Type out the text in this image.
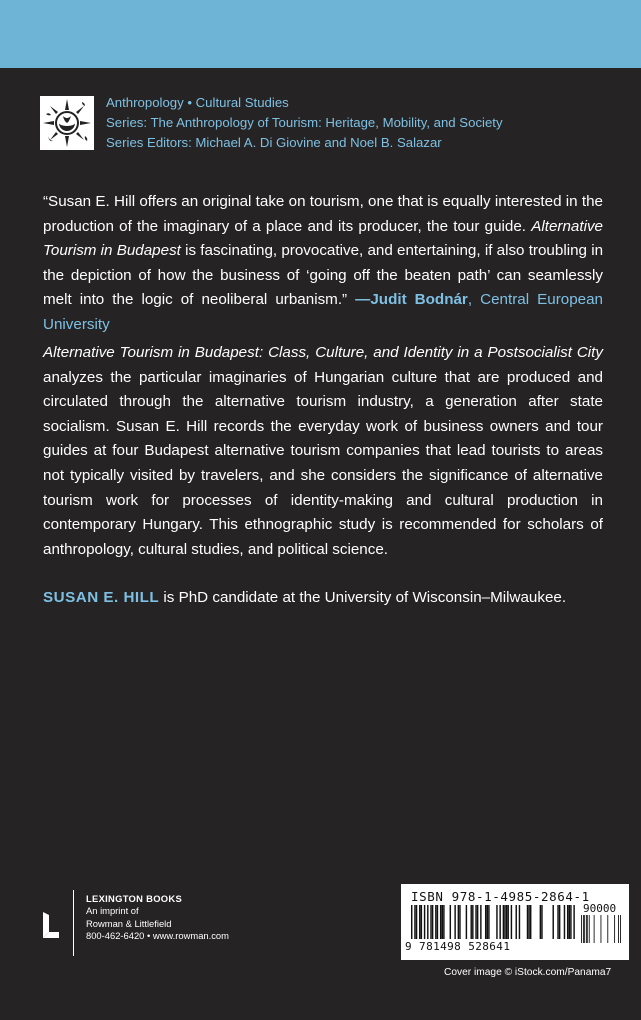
Anthropology • Cultural Studies
Series: The Anthropology of Tourism: Heritage, Mobility, and Society
Series Editors: Michael A. Di Giovine and Noel B. Salazar
“Susan E. Hill offers an original take on tourism, one that is equally interested in the production of the imaginary of a place and its producer, the tour guide. Alternative Tourism in Budapest is fascinating, provocative, and entertaining, if also troubling in the depiction of how the business of ‘going off the beaten path’ can seamlessly melt into the logic of neoliberal urbanism.” —Judit Bodnár, Central European University
Alternative Tourism in Budapest: Class, Culture, and Identity in a Postsocialist City analyzes the particular imaginaries of Hungarian culture that are produced and circulated through the alternative tourism industry, a generation after state socialism. Susan E. Hill records the everyday work of business owners and tour guides at four Budapest alternative tourism companies that lead tourists to areas not typically visited by travelers, and she considers the significance of alternative tourism work for processes of identity-making and cultural production in contemporary Hungary. This ethnographic study is recommended for scholars of anthropology, cultural studies, and political science.
SUSAN E. HILL is PhD candidate at the University of Wisconsin–Milwaukee.
LEXINGTON BOOKS
An imprint of
Rowman & Littlefield
800-462-6420 • www.rowman.com
ISBN 978-1-4985-2864-1
9 781498 528641
90000
Cover image © iStock.com/Panama7
